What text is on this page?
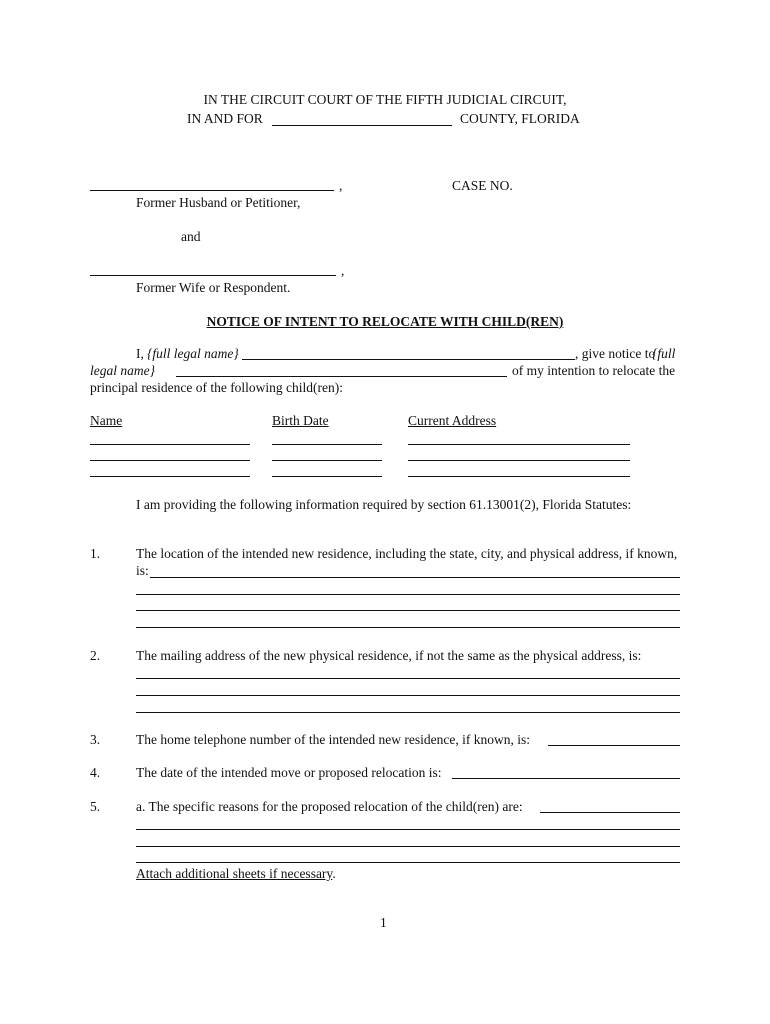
IN THE CIRCUIT COURT OF THE FIFTH JUDICIAL CIRCUIT,
IN AND FOR	COUNTY, FLORIDA
,	CASE NO.
Former Husband or Petitioner,
and
,
Former Wife or Respondent.
NOTICE OF INTENT TO RELOCATE WITH CHILD(REN)
I, {full legal name}	, give notice to
{full
legal name}	of my intention to relocate the
principal residence of the following child(ren):
Name	Birth Date	Current Address
I am providing the following information required by section 61.13001(2), Florida Statutes:
1.	The location of the intended new residence, including the state, city, and physical address, if known,
is:
2.	The mailing address of the new physical residence, if not the same as the physical address, is:
3.	The home telephone number of the intended new residence, if known, is:
4.	The date of the intended move or proposed relocation is:
5.	a. The specific reasons for the proposed relocation of the child(ren) are:
Attach additional sheets if necessary.
1
